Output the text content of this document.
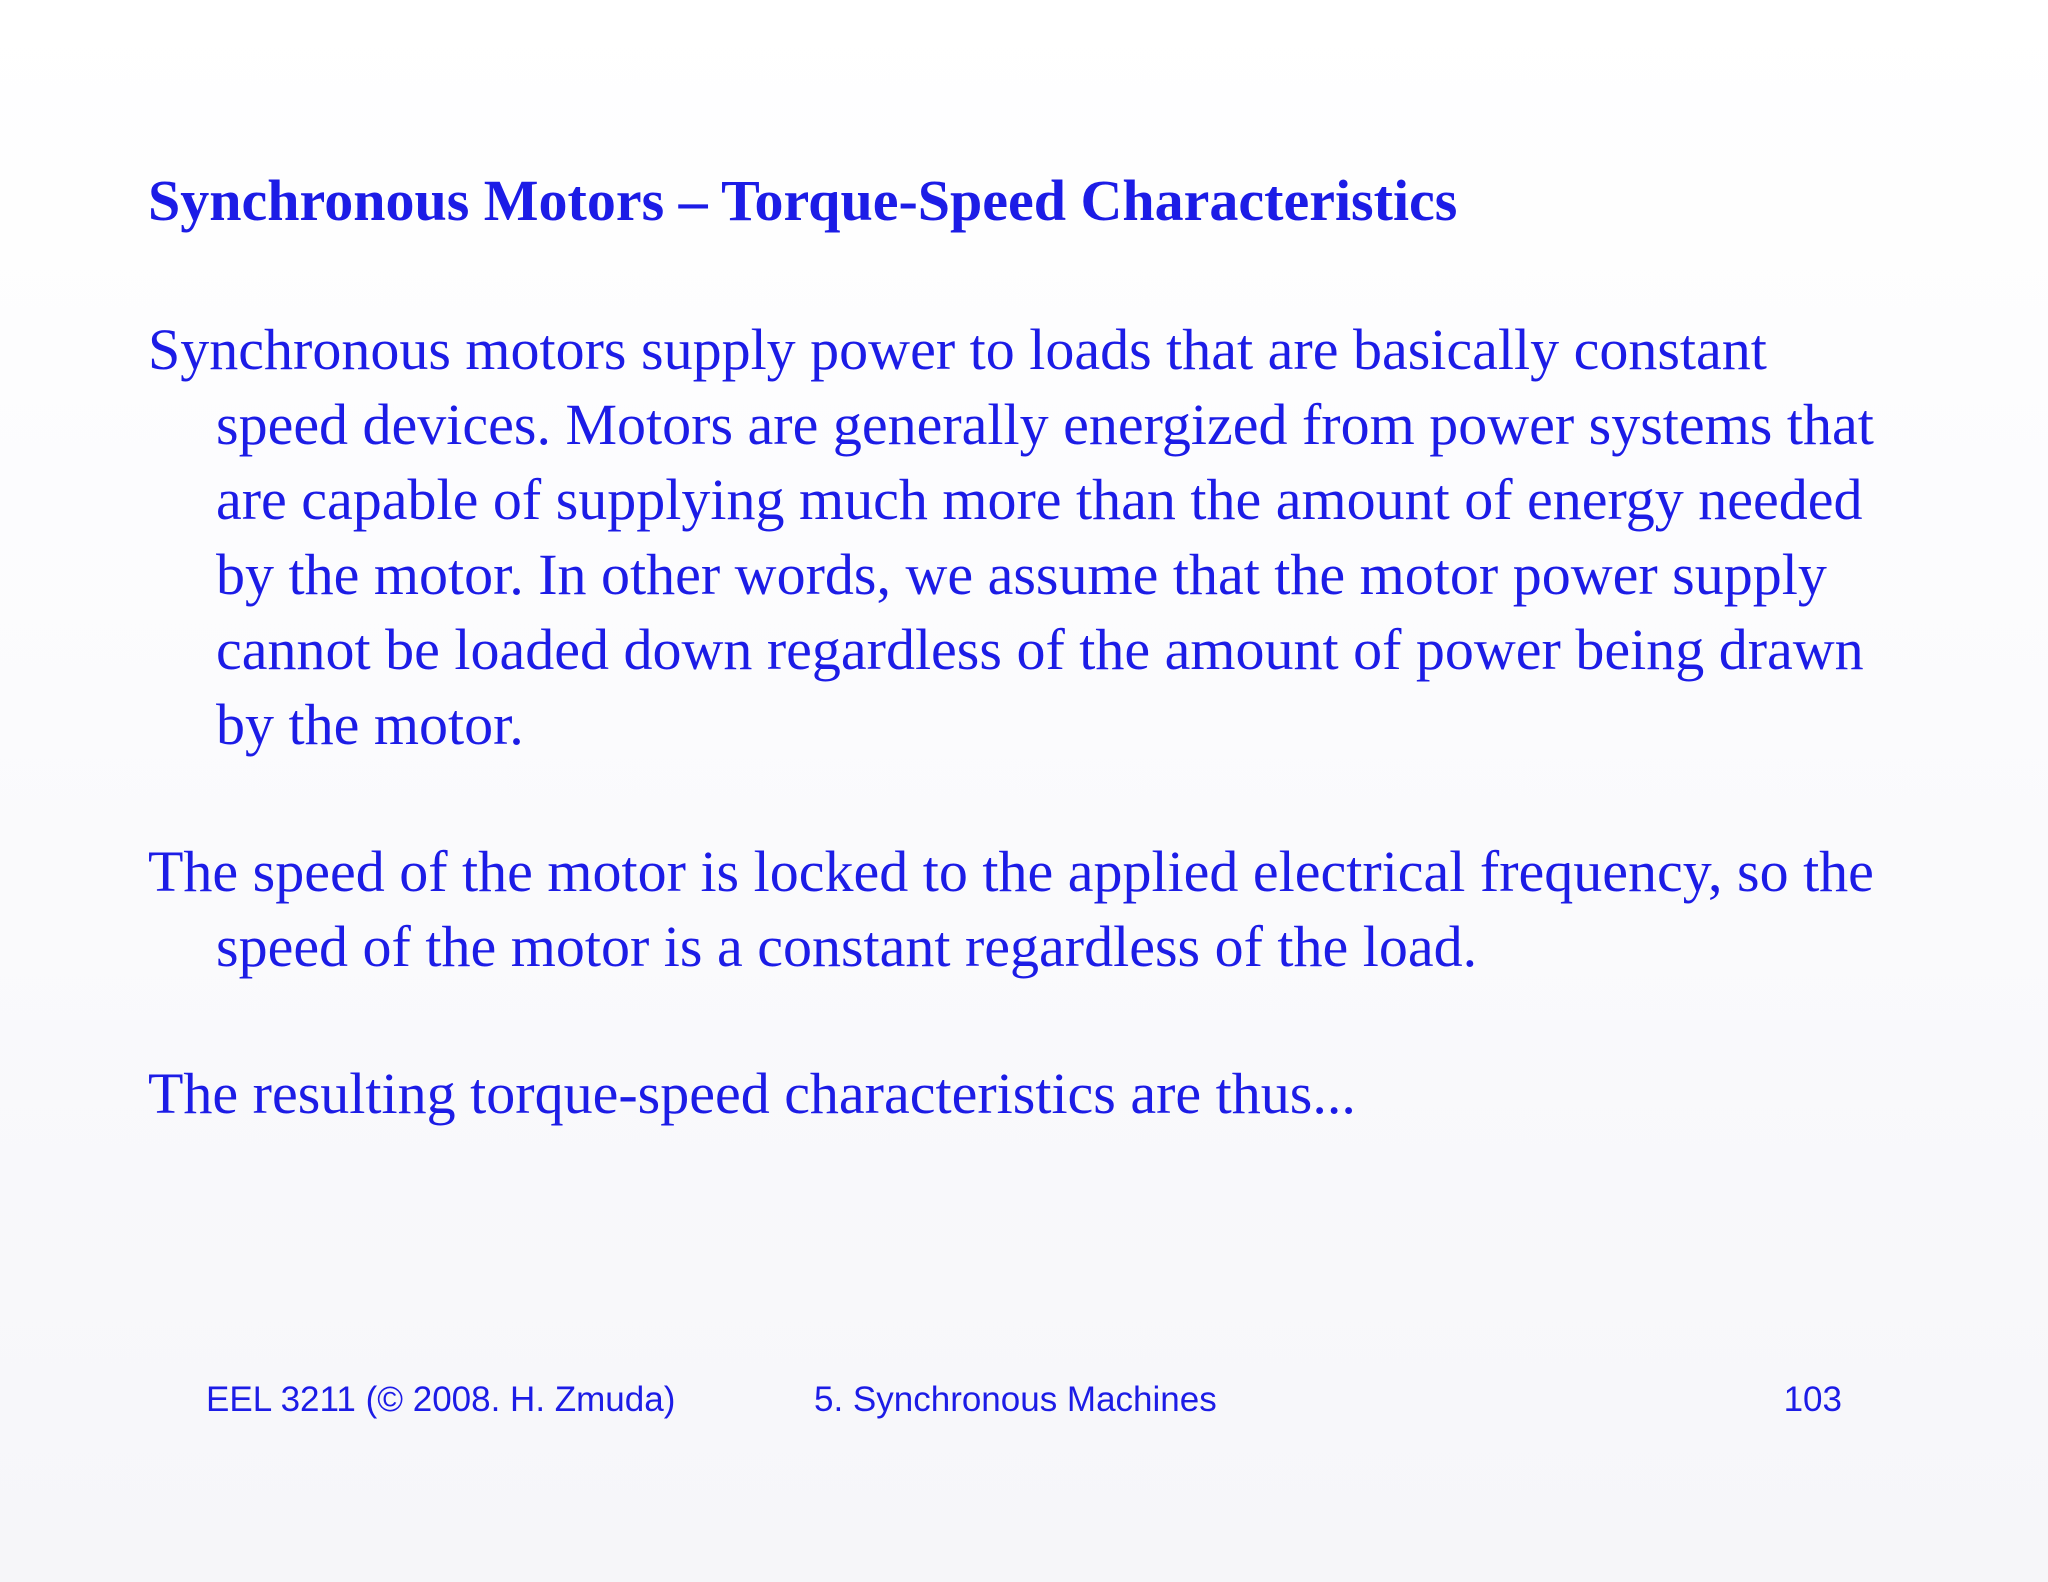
Synchronous Motors – Torque-Speed Characteristics

Synchronous motors supply power to loads that are basically constant speed devices. Motors are generally energized from power systems that are capable of supplying much more than the amount of energy needed by the motor. In other words, we assume that the motor power supply cannot be loaded down regardless of the amount of power being drawn by the motor.

The speed of the motor is locked to the applied electrical frequency, so the speed of the motor is a constant regardless of the load.

The resulting torque-speed characteristics are thus...

EEL 3211 (© 2008. H. Zmuda)	5. Synchronous Machines	103
